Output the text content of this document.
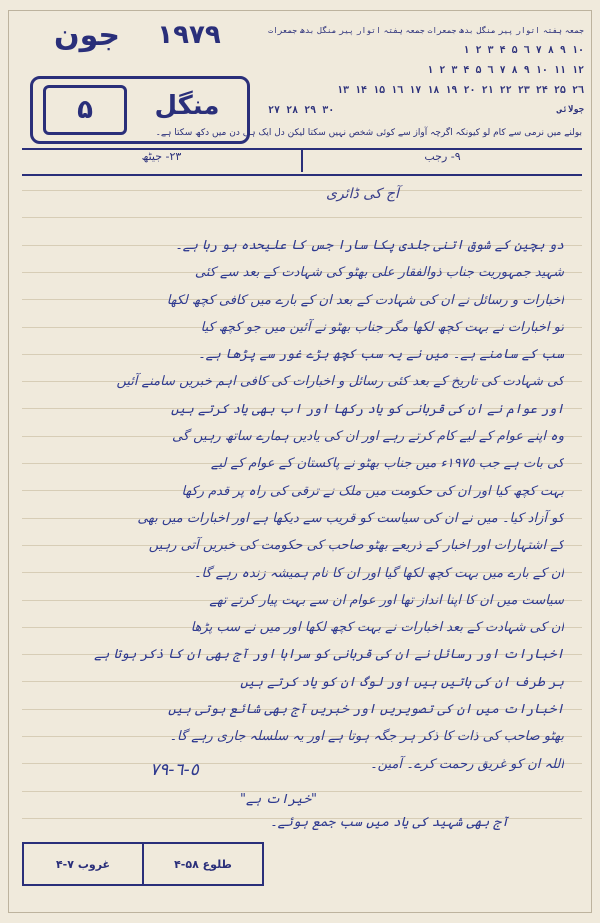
جون ١٩٧٩
۵	منگل
جمعہ
ہفتہ
اتوار
پیر
منگل
بدھ
جمعرات
جمعہ
ہفتہ
اتوار
پیر
منگل
بدھ
جمعرات
١٠ ٩ ٨ ٧ ٦ ۵ ۴ ٣ ٢ ١
١٢ ١١ ١٠ ٩ ٨ ٧ ٦ ۵ ۴ ٣ ٢ ١
٢٦ ٢۵ ٢۴ ٢٣ ٢٢ ٢١ ٢٠ ١٩ ١٨ ١٧ ١٦ ١۵ ١۴ ١٣
جولائی
٣٠ ٢٩ ٢٨ ٢٧
بولنے میں نرمی سے کام لو کیونکہ اگرچہ آواز سے کوئی شخص نہیں سکتا لیکن دل ایک ہی دن میں دکھ سکتا ہے۔
٩- رجب
٢٣- جیٹھ
آج کی ڈائری

دو بچین کے شوق اتنی جلدی پکا سارا جس کا علیحدہ ہو رہا ہے۔

شہید جمہوریت جناب ذوالفقار علی بھٹو کی شہادت کے بعد سے کئی

اخبارات و رسائل نے ان کی شہادت کے بعد ان کے بارے میں کافی کچھ لکھا

تو اخبارات نے بہت کچھ لکھا مگر جناب بھٹو نے آئین میں جو کچھ کیا

سب کے سامنے ہے۔ میں نے یہ سب کچھ بڑے غور سے پڑھا ہے۔

کی شہادت کی تاریخ کے بعد کئی رسائل و اخبارات کی کافی اہم خبریں سامنے آئیں

اور عوام نے ان کی قربانی کو یاد رکھا اور اب بھی یاد کرتے ہیں

وہ اپنے عوام کے لیے کام کرتے رہے اور ان کی یادیں ہمارے ساتھ رہیں گی

کی بات ہے جب ١٩٧٥ء میں جناب بھٹو نے پاکستان کے عوام کے لیے

بہت کچھ کیا اور ان کی حکومت میں ملک نے ترقی کی راہ پر قدم رکھا

کو آزاد کیا۔ میں نے ان کی سیاست کو قریب سے دیکھا ہے اور اخبارات میں بھی

کے اشتہارات اور اخبار کے ذریعے بھٹو صاحب کی حکومت کی خبریں آتی رہیں

ان کے بارے میں بہت کچھ لکھا گیا اور ان کا نام ہمیشہ زندہ رہے گا۔

سیاست میں ان کا اپنا انداز تھا اور عوام ان سے بہت پیار کرتے تھے

ان کی شہادت کے بعد اخبارات نے بہت کچھ لکھا اور میں نے سب پڑھا

اخبارات اور رسائل نے ان کی قربانی کو سراہا اور آج بھی ان کا ذکر ہوتا ہے

ہر طرف ان کی باتیں ہیں اور لوگ ان کو یاد کرتے ہیں

اخبارات میں ان کی تصویریں اور خبریں آج بھی شائع ہوتی ہیں

بھٹو صاحب کی ذات کا ذکر ہر جگہ ہوتا ہے اور یہ سلسلہ جاری رہے گا۔

اللہ ان کو غریق رحمت کرے۔ آمین۔

٥-٦-٧٩
"خیرات ہے"
آج بھی شہید کی یاد میں سب جمع ہوئے۔
طلوع

۴-۵۸
غروب

٧-۴
